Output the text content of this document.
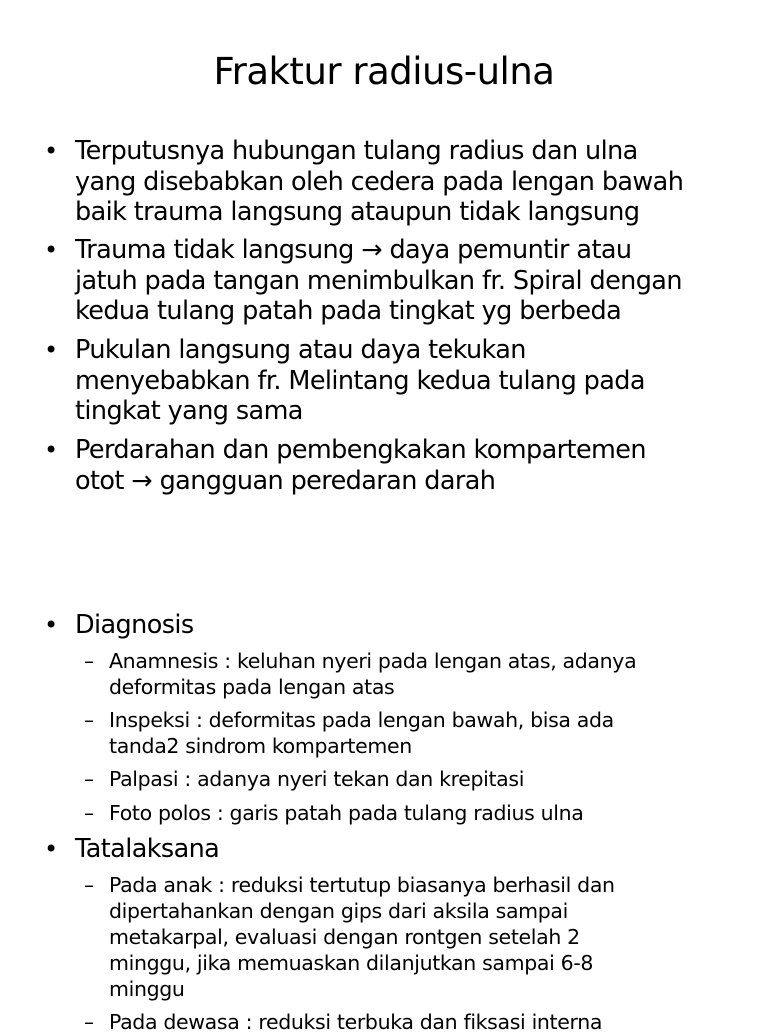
Fraktur radius-ulna
• Terputusnya hubungan tulang radius dan ulna
yang disebabkan oleh cedera pada lengan bawah
baik trauma langsung ataupun tidak langsung
• Trauma tidak langsung → daya pemuntir atau
jatuh pada tangan menimbulkan fr. Spiral dengan
kedua tulang patah pada tingkat yg berbeda
• Pukulan langsung atau daya tekukan
menyebabkan fr. Melintang kedua tulang pada
tingkat yang sama
• Perdarahan dan pembengkakan kompartemen
otot → gangguan peredaran darah
• Diagnosis
– Anamnesis : keluhan nyeri pada lengan atas, adanya
deformitas pada lengan atas
– Inspeksi : deformitas pada lengan bawah, bisa ada
tanda2 sindrom kompartemen
– Palpasi : adanya nyeri tekan dan krepitasi
– Foto polos : garis patah pada tulang radius ulna
• Tatalaksana
– Pada anak : reduksi tertutup biasanya berhasil dan
dipertahankan dengan gips dari aksila sampai
metakarpal, evaluasi dengan rontgen setelah 2
minggu, jika memuaskan dilanjutkan sampai 6-8
minggu
– Pada dewasa : reduksi terbuka dan fiksasi interna
